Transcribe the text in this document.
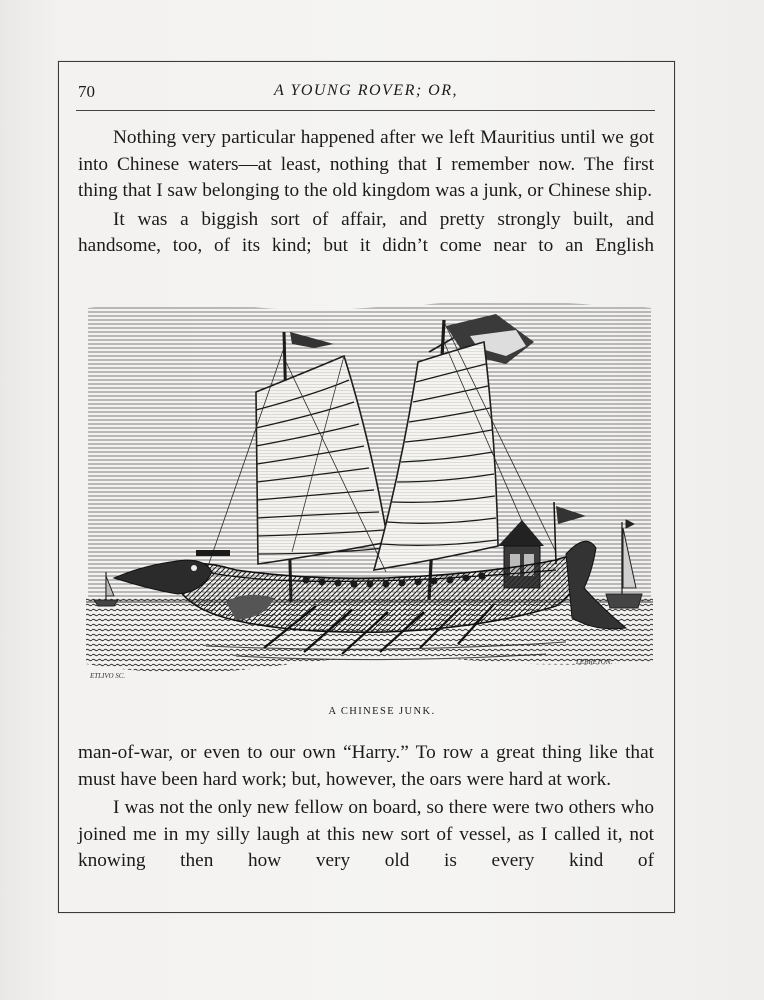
70	A YOUNG ROVER; OR,

Nothing very particular happened after we left Mauritius until we got into Chinese waters—at least, nothing that I remember now. The first thing that I saw belonging to the old kingdom was a junk, or Chinese ship.

It was a biggish sort of affair, and pretty strongly built, and handsome, too, of its kind; but it didn’t come near to an English

ETLIVO SC.
LEBRETON.
A CHINESE JUNK.

man-of-war, or even to our own “Harry.” To row a great thing like that must have been hard work; but, however, the oars were hard at work.

I was not the only new fellow on board, so there were two others who joined me in my silly laugh at this new sort of vessel, as I called it, not knowing then how very old is every kind of
